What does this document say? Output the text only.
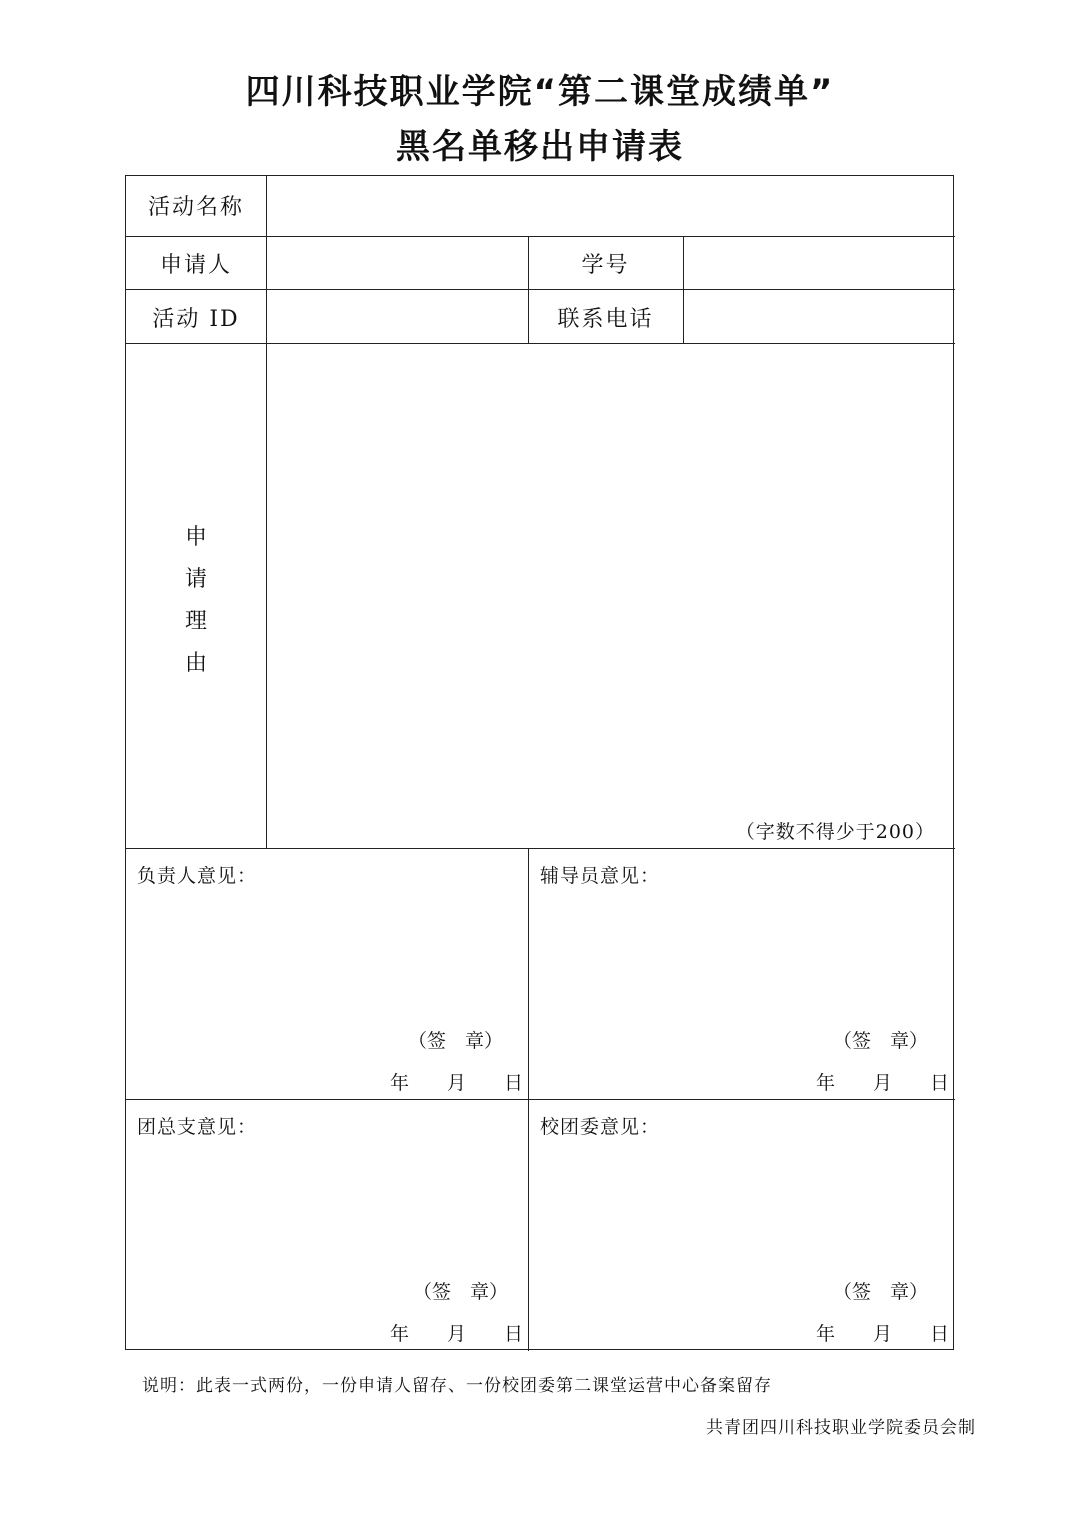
四川科技职业学院“第二课堂成绩单”
黑名单移出申请表
活动名称
申请人	学号
活动 ID	联系电话
申
请
理
由
（字数不得少于200）
负责人意见：
（签　章）
年　　月　　日
辅导员意见：
（签　章）
年　　月　　日
团总支意见：
（签　章）
年　　月　　日
校团委意见：
（签　章）
年　　月　　日
说明：此表一式两份，一份申请人留存、一份校团委第二课堂运营中心备案留存
共青团四川科技职业学院委员会制
